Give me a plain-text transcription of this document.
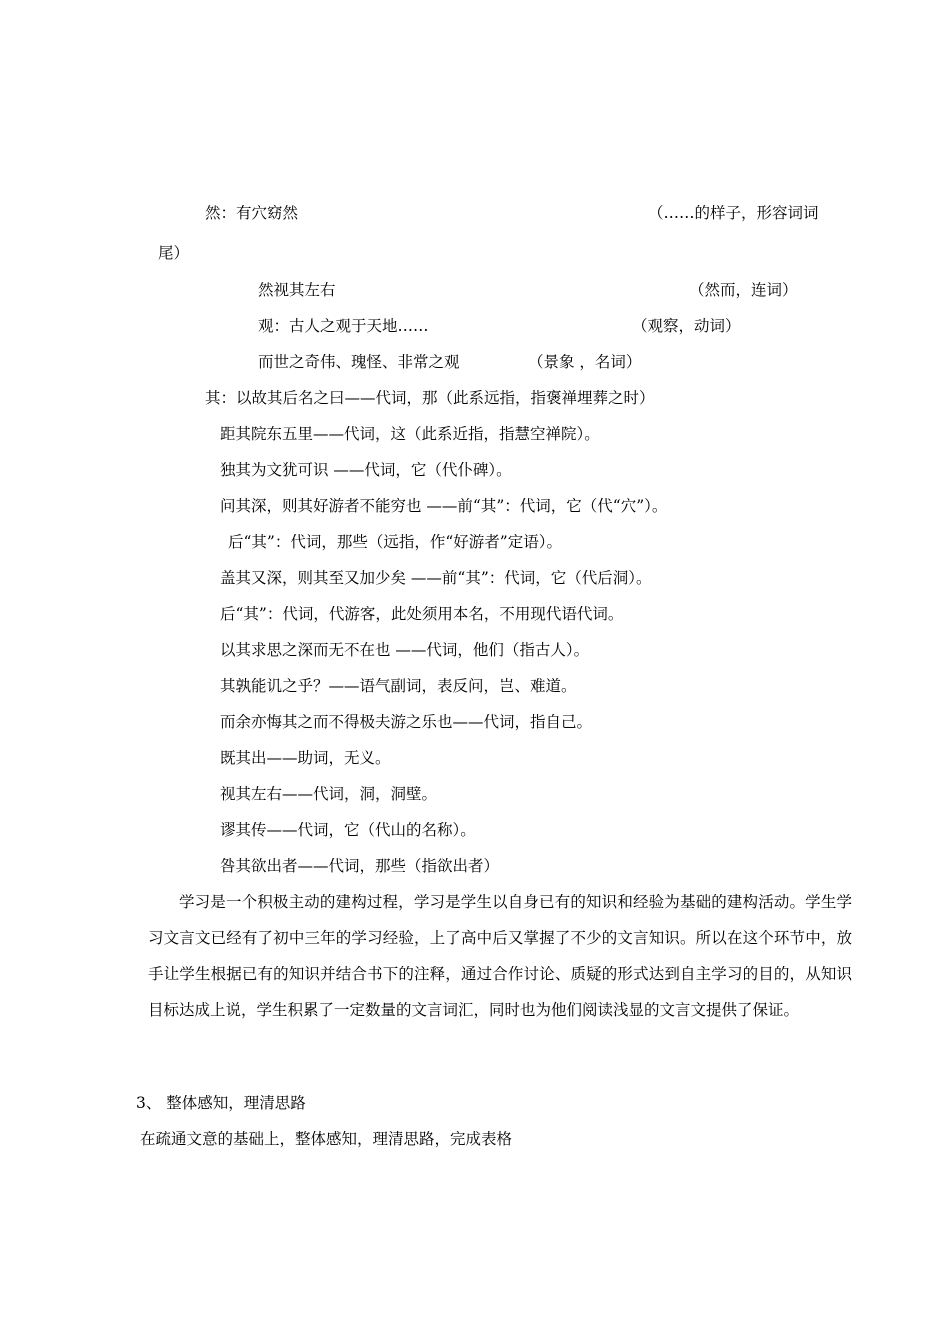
然：有穴窈然	（……的样子，形容词词
尾）
然视其左右	（然而，连词）
观：古人之观于天地……	（观察，动词）
而世之奇伟、瑰怪、非常之观	（景象 ，名词）
其：以故其后名之曰——代词，那（此系远指，指褒禅埋葬之时）
距其院东五里——代词，这（此系近指，指慧空禅院）。
独其为文犹可识 ——代词，它（代仆碑）。
问其深，则其好游者不能穷也 ——前“其”：代词，它（代“穴”）。
后“其”：代词，那些（远指，作“好游者”定语）。
盖其又深，则其至又加少矣 ——前“其”：代词，它（代后洞）。
后“其”：代词，代游客，此处须用本名，不用现代语代词。
以其求思之深而无不在也 ——代词，他们（指古人）。
其孰能讥之乎？——语气副词，表反问，岂、难道。
而余亦悔其之而不得极夫游之乐也——代词，指自己。
既其出——助词，无义。
视其左右——代词，洞，洞壁。
谬其传——代词，它（代山的名称）。
咎其欲出者——代词，那些（指欲出者）
学习是一个积极主动的建构过程，学习是学生以自身已有的知识和经验为基础的建构活动。学生学习文言文已经有了初中三年的学习经验，上了高中后又掌握了不少的文言知识。所以在这个环节中，放手让学生根据已有的知识并结合书下的注释，通过合作讨论、质疑的形式达到自主学习的目的，从知识目标达成上说，学生积累了一定数量的文言词汇，同时也为他们阅读浅显的文言文提供了保证。
3、 整体感知，理清思路
在疏通文意的基础上，整体感知，理清思路，完成表格
